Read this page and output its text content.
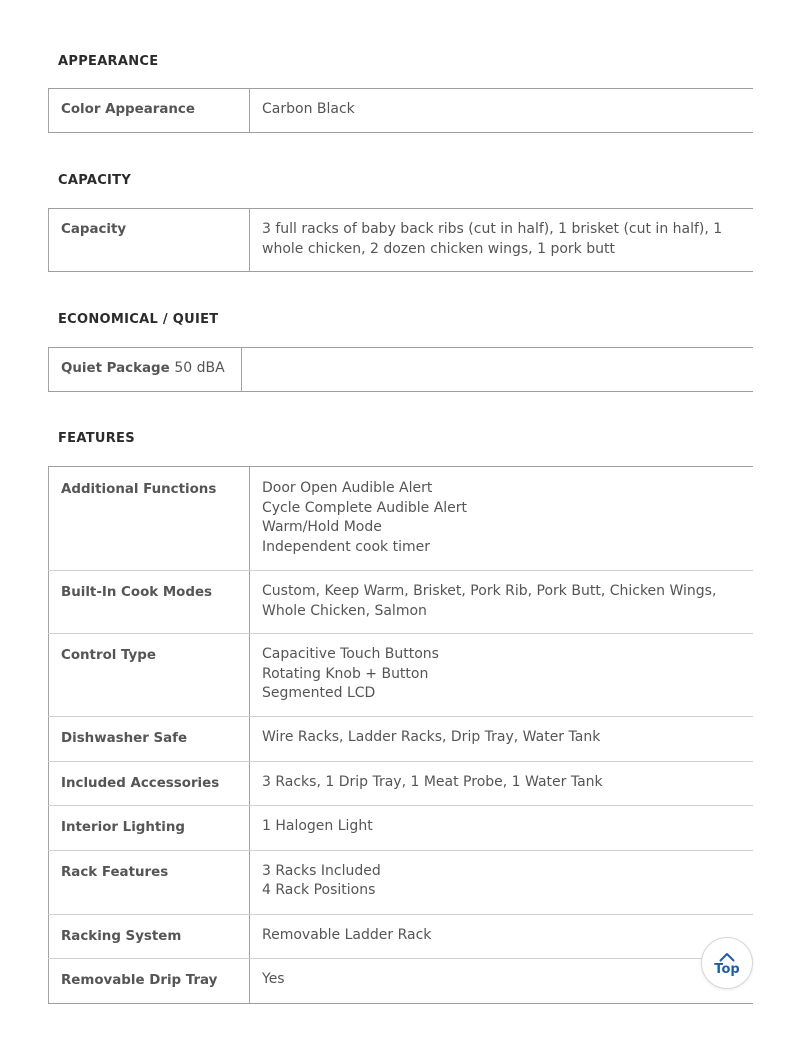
APPEARANCE
Color Appearance	Carbon Black
CAPACITY
Capacity	3 full racks of baby back ribs (cut in half), 1 brisket (cut in half), 1 whole chicken, 2 dozen chicken wings, 1 pork butt
ECONOMICAL / QUIET
Quiet Package 50 dBA	
FEATURES
Additional Functions	Door Open Audible Alert
Cycle Complete Audible Alert
Warm/Hold Mode
Independent cook timer

Built-In Cook Modes	Custom, Keep Warm, Brisket, Pork Rib, Pork Butt, Chicken Wings, Whole Chicken, Salmon

Control Type	Capacitive Touch Buttons
Rotating Knob + Button
Segmented LCD

Dishwasher Safe	Wire Racks, Ladder Racks, Drip Tray, Water Tank

Included Accessories	3 Racks, 1 Drip Tray, 1 Meat Probe, 1 Water Tank

Interior Lighting	1 Halogen Light

Rack Features	3 Racks Included
4 Rack Positions

Racking System	Removable Ladder Rack

Removable Drip Tray	Yes
Top
